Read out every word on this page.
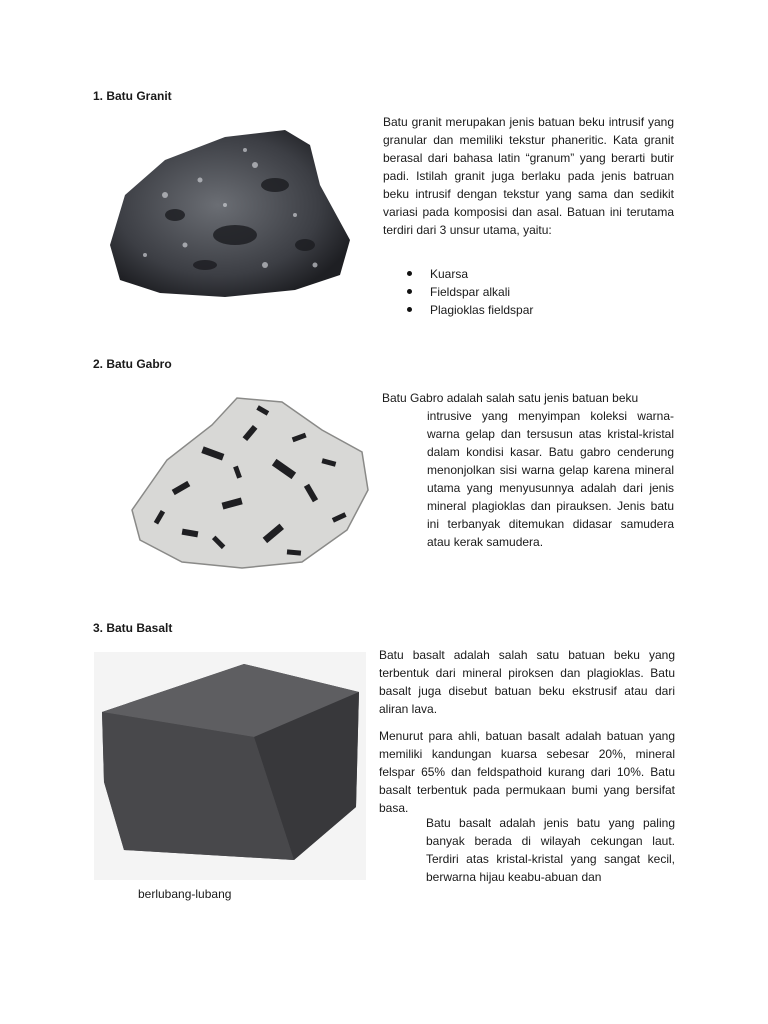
1. Batu Granit

Batu granit merupakan jenis batuan beku intrusif yang granular dan memiliki tekstur phaneritic. Kata granit berasal dari bahasa latin “granum” yang berarti butir padi. Istilah granit juga berlaku pada jenis batruan beku intrusif dengan tekstur yang sama dan sedikit variasi pada komposisi dan asal. Batuan ini terutama terdiri dari 3 unsur utama, yaitu:

Kuarsa
Fieldspar alkali
Plagioklas fieldspar
2. Batu Gabro

Batu Gabro adalah salah satu jenis batuan beku
intrusive yang menyimpan koleksi warna-warna gelap dan tersusun atas kristal-kristal dalam kondisi kasar. Batu gabro cenderung menonjolkan sisi warna gelap karena mineral utama yang menyusunnya adalah dari jenis mineral plagioklas dan pirauksen. Jenis batu ini terbanyak ditemukan didasar samudera atau kerak samudera.

3. Batu Basalt

Batu basalt adalah salah satu batuan beku yang terbentuk dari mineral piroksen dan plagioklas. Batu basalt juga disebut batuan beku ekstrusif atau dari aliran lava.

Menurut para ahli, batuan basalt adalah batuan yang memiliki kandungan kuarsa sebesar 20%, mineral felspar 65% dan feldspathoid kurang dari 10%. Batu basalt terbentuk pada permukaan bumi yang bersifat basa.

Batu basalt adalah jenis batu yang paling banyak berada di wilayah cekungan laut. Terdiri atas kristal-kristal yang sangat kecil, berwarna hijau keabu-abuan dan

berlubang-lubang
